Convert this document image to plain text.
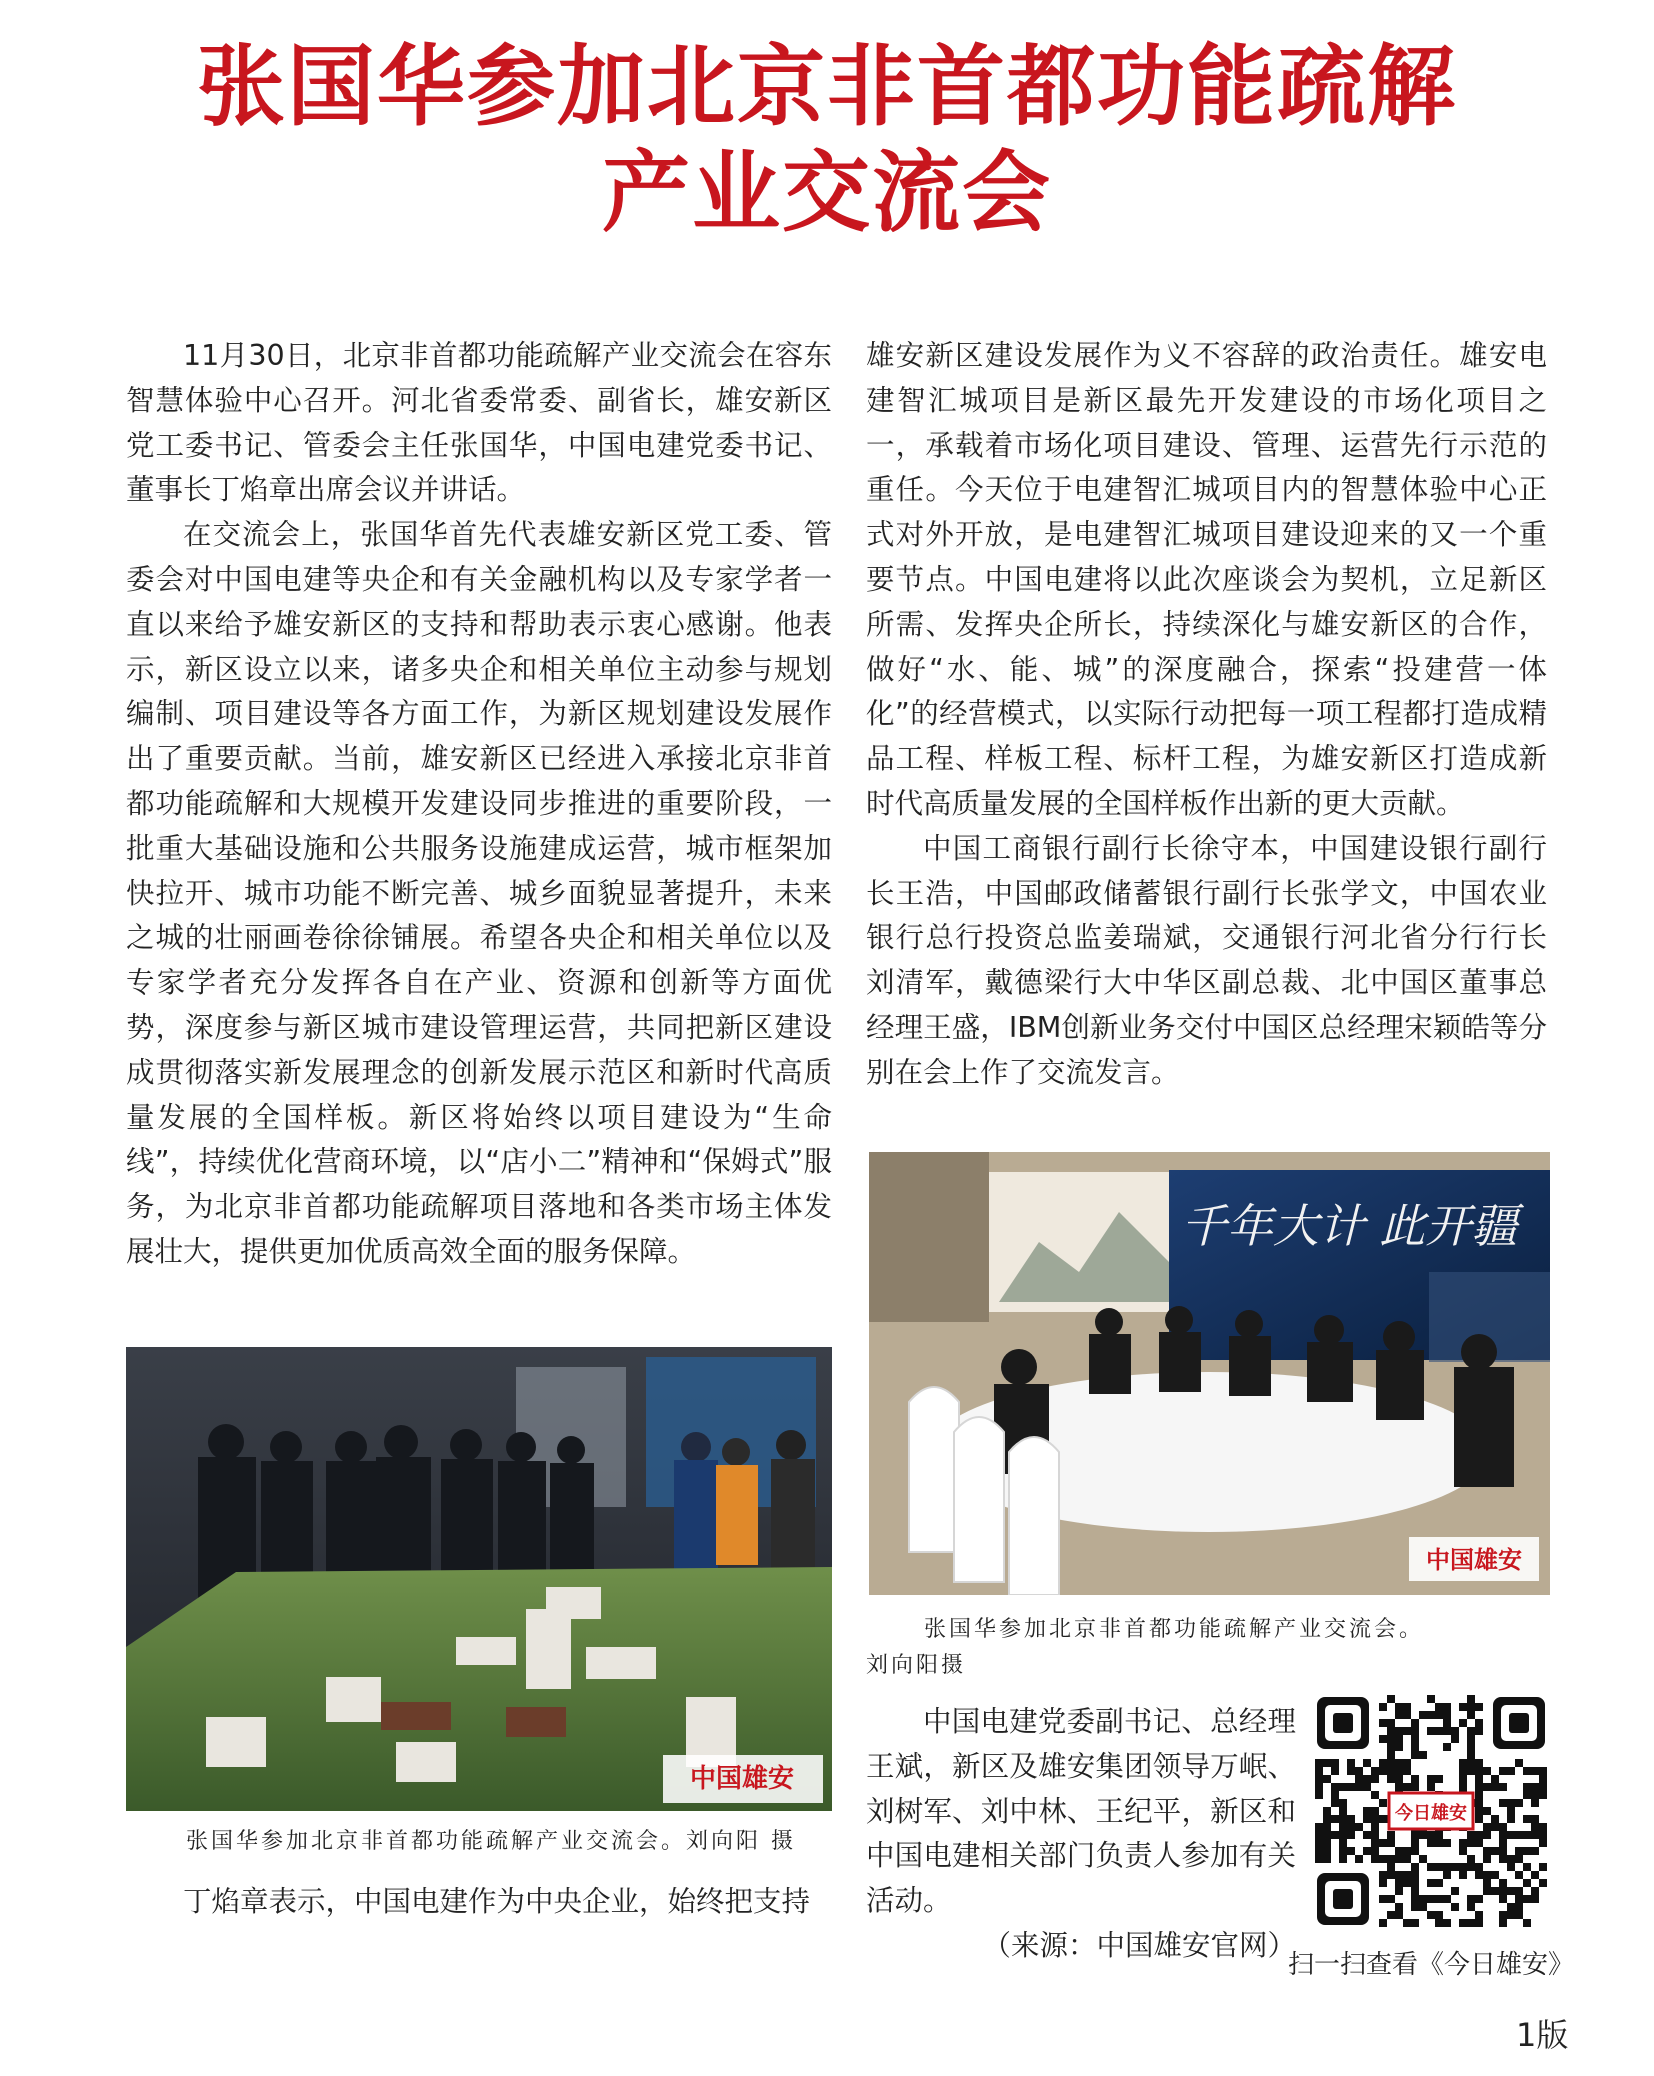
张国华参加北京非首都功能疏解
产业交流会

11月30日，北京非首都功能疏解产业交流会在容东智慧体验中心召开。河北省委常委、副省长，雄安新区党工委书记、管委会主任张国华，中国电建党委书记、董事长丁焰章出席会议并讲话。

在交流会上，张国华首先代表雄安新区党工委、管委会对中国电建等央企和有关金融机构以及专家学者一直以来给予雄安新区的支持和帮助表示衷心感谢。他表示，新区设立以来，诸多央企和相关单位主动参与规划编制、项目建设等各方面工作，为新区规划建设发展作出了重要贡献。当前，雄安新区已经进入承接北京非首都功能疏解和大规模开发建设同步推进的重要阶段，一批重大基础设施和公共服务设施建成运营，城市框架加快拉开、城市功能不断完善、城乡面貌显著提升，未来之城的壮丽画卷徐徐铺展。希望各央企和相关单位以及专家学者充分发挥各自在产业、资源和创新等方面优势，深度参与新区城市建设管理运营，共同把新区建设成贯彻落实新发展理念的创新发展示范区和新时代高质量发展的全国样板。新区将始终以项目建设为“生命线”，持续优化营商环境，以“店小二”精神和“保姆式”服务，为北京非首都功能疏解项目落地和各类市场主体发展壮大，提供更加优质高效全面的服务保障。

中国雄安
张国华参加北京非首都功能疏解产业交流会。刘向阳 摄

丁焰章表示，中国电建作为中央企业，始终把支持

雄安新区建设发展作为义不容辞的政治责任。雄安电建智汇城项目是新区最先开发建设的市场化项目之一，承载着市场化项目建设、管理、运营先行示范的重任。今天位于电建智汇城项目内的智慧体验中心正式对外开放，是电建智汇城项目建设迎来的又一个重要节点。中国电建将以此次座谈会为契机，立足新区所需、发挥央企所长，持续深化与雄安新区的合作，做好“水、能、城”的深度融合，探索“投建营一体化”的经营模式，以实际行动把每一项工程都打造成精品工程、样板工程、标杆工程，为雄安新区打造成新时代高质量发展的全国样板作出新的更大贡献。

中国工商银行副行长徐守本，中国建设银行副行长王浩，中国邮政储蓄银行副行长张学文，中国农业银行总行投资总监姜瑞斌，交通银行河北省分行行长刘清军，戴德梁行大中华区副总裁、北中国区董事总经理王盛，IBM创新业务交付中国区总经理宋颖皓等分别在会上作了交流发言。

千年大计 此开疆
中国雄安
张国华参加北京非首都功能疏解产业交流会。
刘向阳摄

中国电建党委副书记、总经理王斌，新区及雄安集团领导万岷、刘树军、刘中林、王纪平，新区和中国电建相关部门负责人参加有关活动。

（来源：中国雄安官网）

今日雄安
扫一扫查看《今日雄安》
1版
